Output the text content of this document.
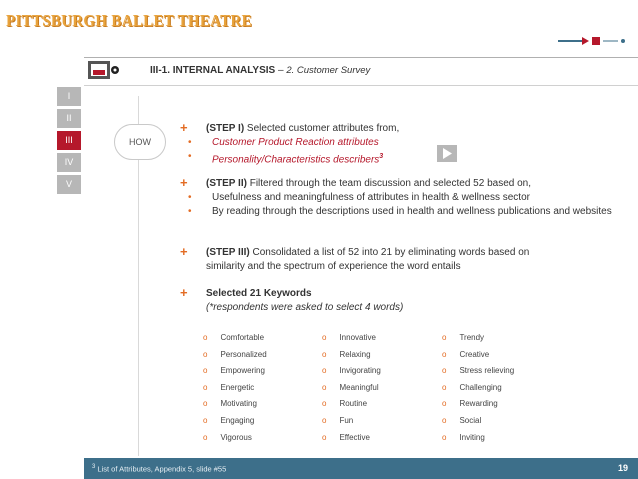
PITTSBURGH BALLET THEATRE
III-1. INTERNAL ANALYSIS – 2. Customer Survey
I
II
III
IV
V
HOW
+ (STEP I) Selected customer attributes from,
• Customer Product Reaction attributes
• Personality/Characteristics describers$^3$
+ (STEP II) Filtered through the team discussion and selected 52 based on,
• Usefulness and meaningfulness of attributes in health & wellness sector
• By reading through the descriptions used in health and wellness publications and websites
+ (STEP III) Consolidated a list of 52 into 21 by eliminating words based on similarity and the spectrum of experience the word entails
+ Selected 21 Keywords
(*respondents were asked to select 4 words)
o Comfortable
o Personalized
o Empowering
o Energetic
o Motivating
o Engaging
o Vigorous
o Innovative
o Relaxing
o Invigorating
o Meaningful
o Routine
o Fun
o Effective
o Trendy
o Creative
o Stress relieving
o Challenging
o Rewarding
o Social
o Inviting
$^3$ List of Attributes, Appendix 5, slide #55	19
